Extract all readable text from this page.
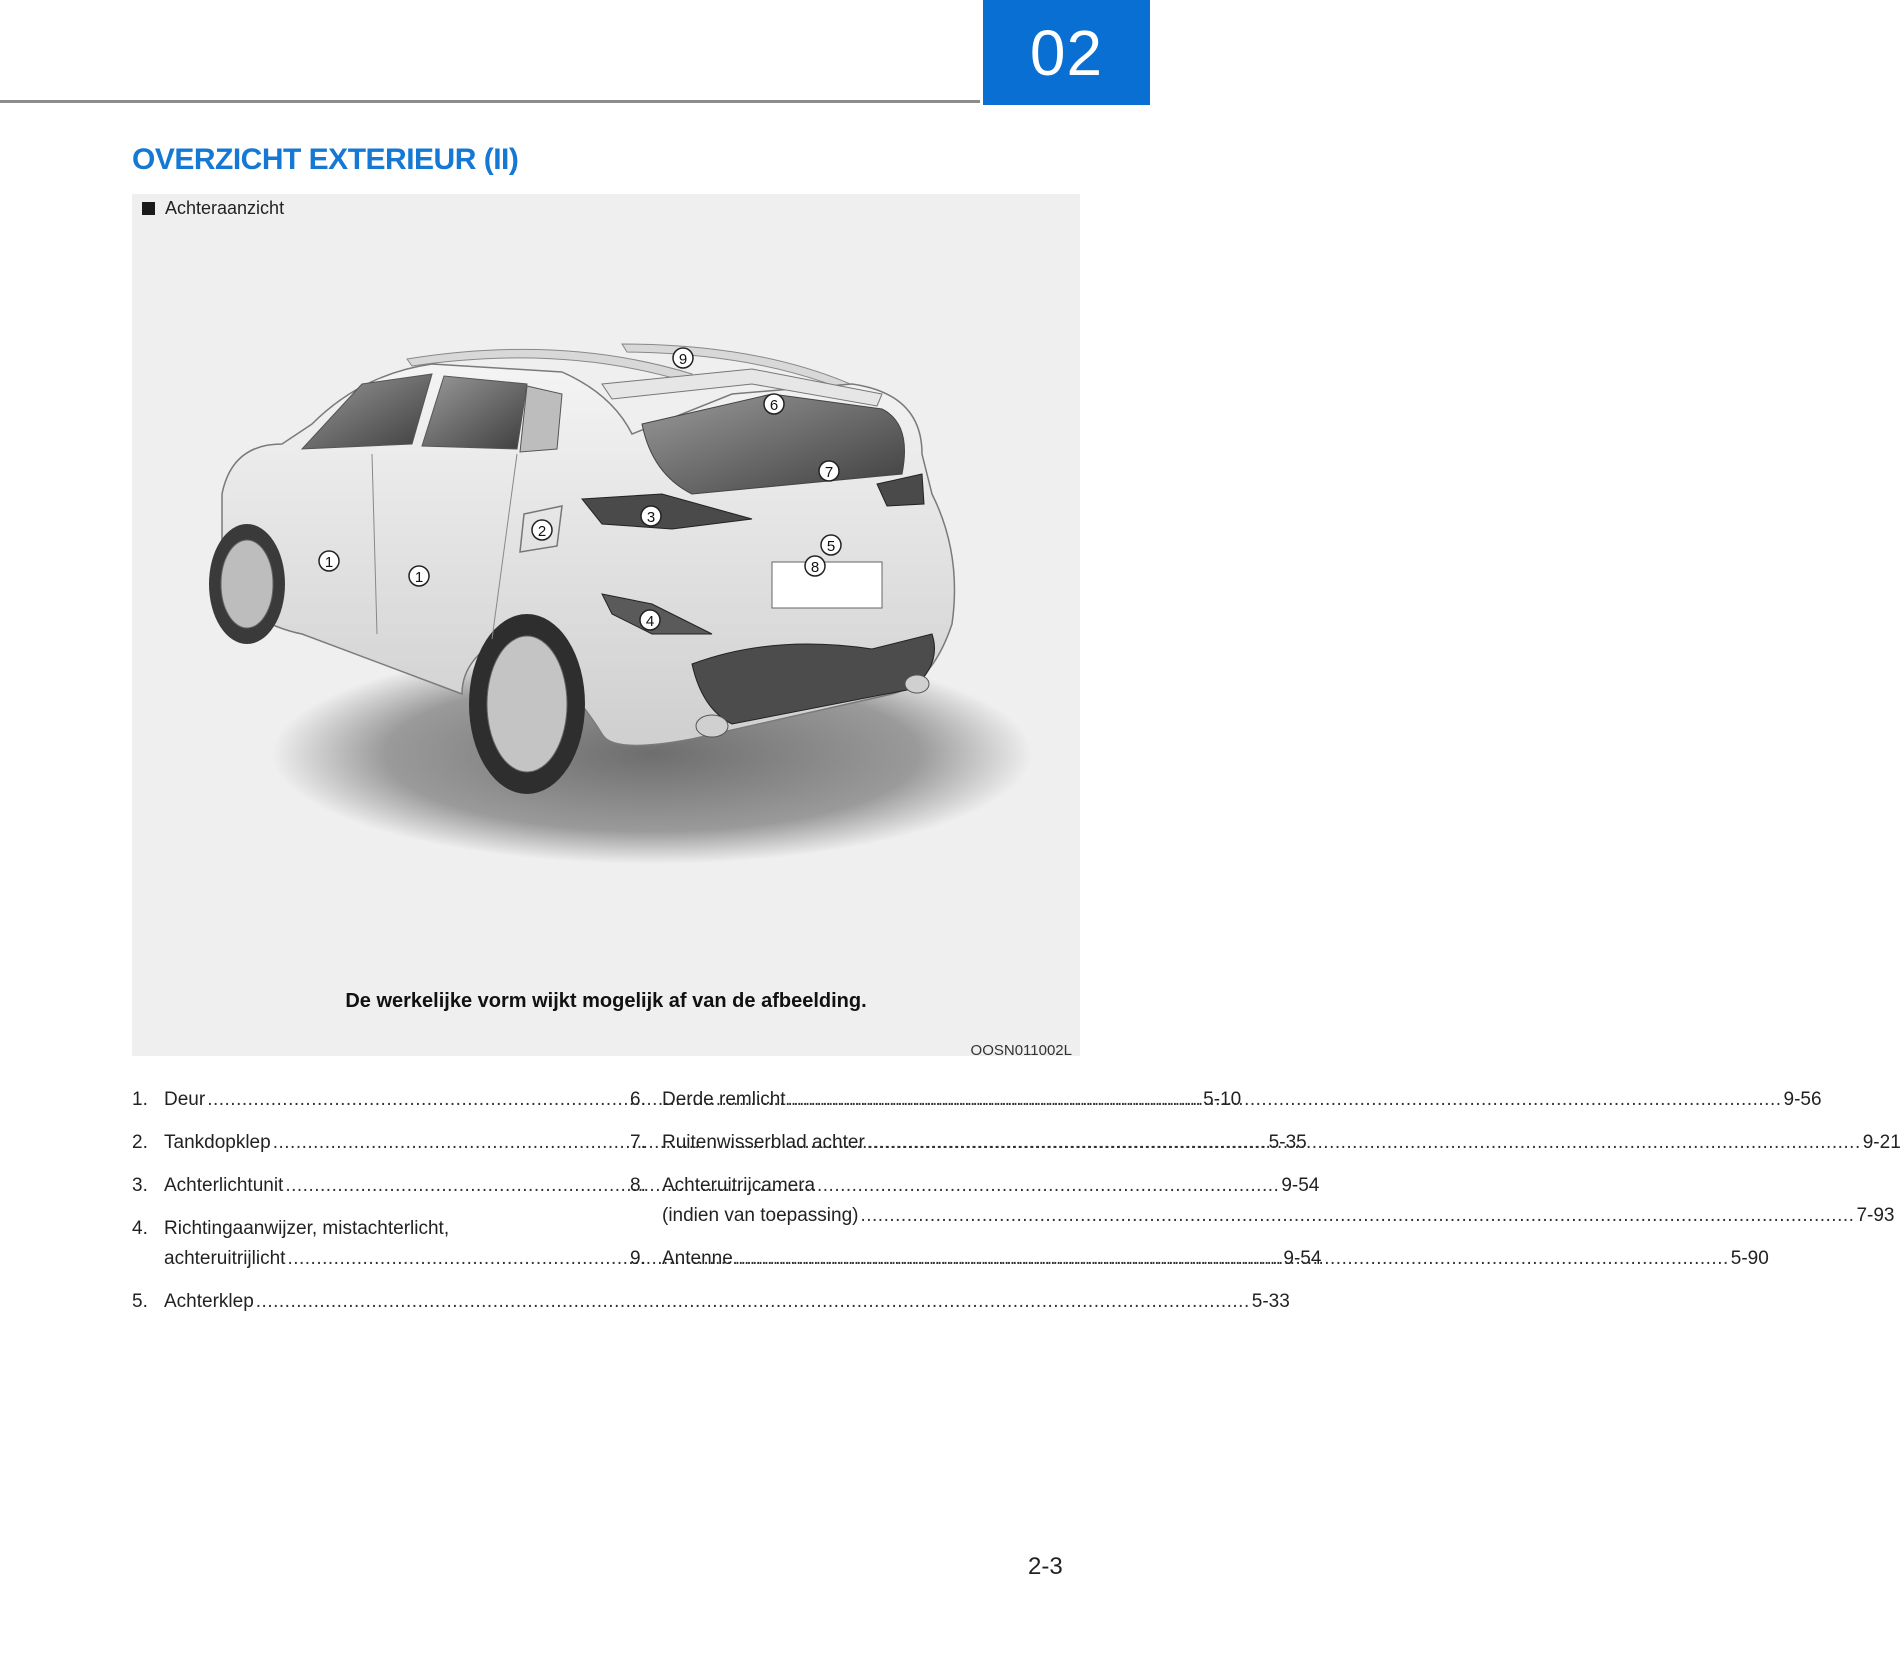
02
OVERZICHT EXTERIEUR (II)
Achteraanzicht
1
1
2
3
4
5
6
7
8
9
De werkelijke vorm wijkt mogelijk af van de afbeelding.
OOSN011002L
1. Deur .....	5-10
2. Tankdopklep .....	5-35
3. Achterlichtunit .....	9-54
4. Richtingaanwijzer, mistachterlicht,
achteruitrijlicht .....	9-54
5. Achterklep .....	5-33
6. Derde remlicht .....	9-56
7. Ruitenwisserblad achter .....	9-21
8. Achteruitrijcamera
(indien van toepassing) .....	7-93
9. Antenne .....	5-90
2-3
